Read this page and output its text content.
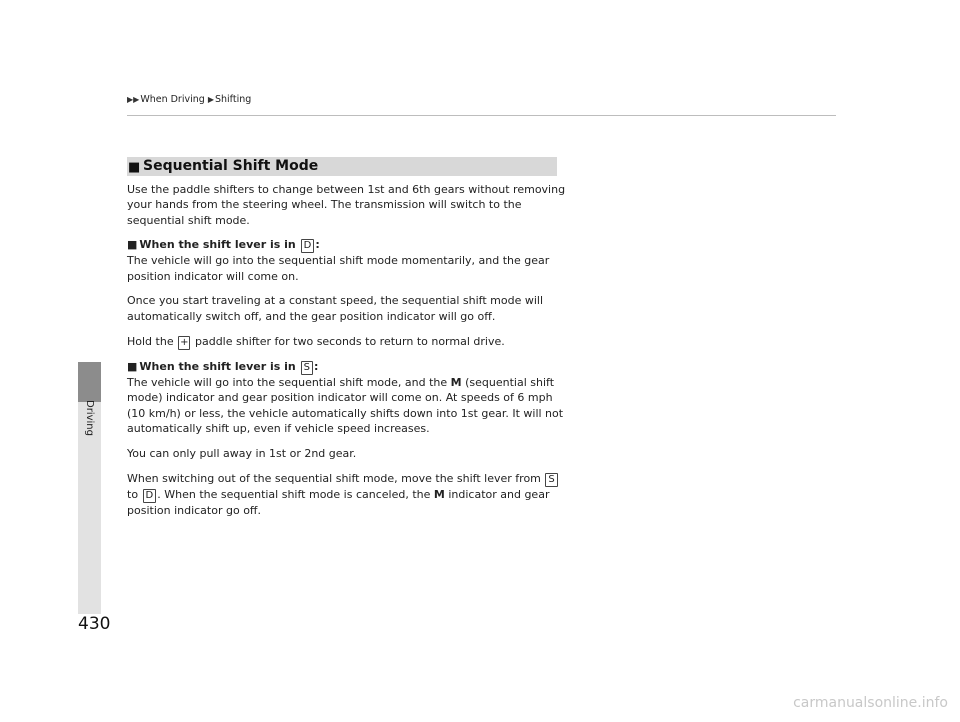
Driving
▶▶When Driving ▶Shifting
■ Sequential Shift Mode

Use the paddle shifters to change between 1st and 6th gears without removing your hands from the steering wheel. The transmission will switch to the sequential shift mode.

■ When the shift lever is in D :

The vehicle will go into the sequential shift mode momentarily, and the gear position indicator will come on.

Once you start traveling at a constant speed, the sequential shift mode will automatically switch off, and the gear position indicator will go off.

Hold the + paddle shifter for two seconds to return to normal drive.

■ When the shift lever is in S :

The vehicle will go into the sequential shift mode, and the M (sequential shift mode) indicator and gear position indicator will come on. At speeds of 6 mph (10 km/h) or less, the vehicle automatically shifts down into 1st gear. It will not automatically shift up, even if vehicle speed increases.

You can only pull away in 1st or 2nd gear.

When switching out of the sequential shift mode, move the shift lever from S to D . When the sequential shift mode is canceled, the M indicator and gear position indicator go off.

430
carmanualsonline.info
